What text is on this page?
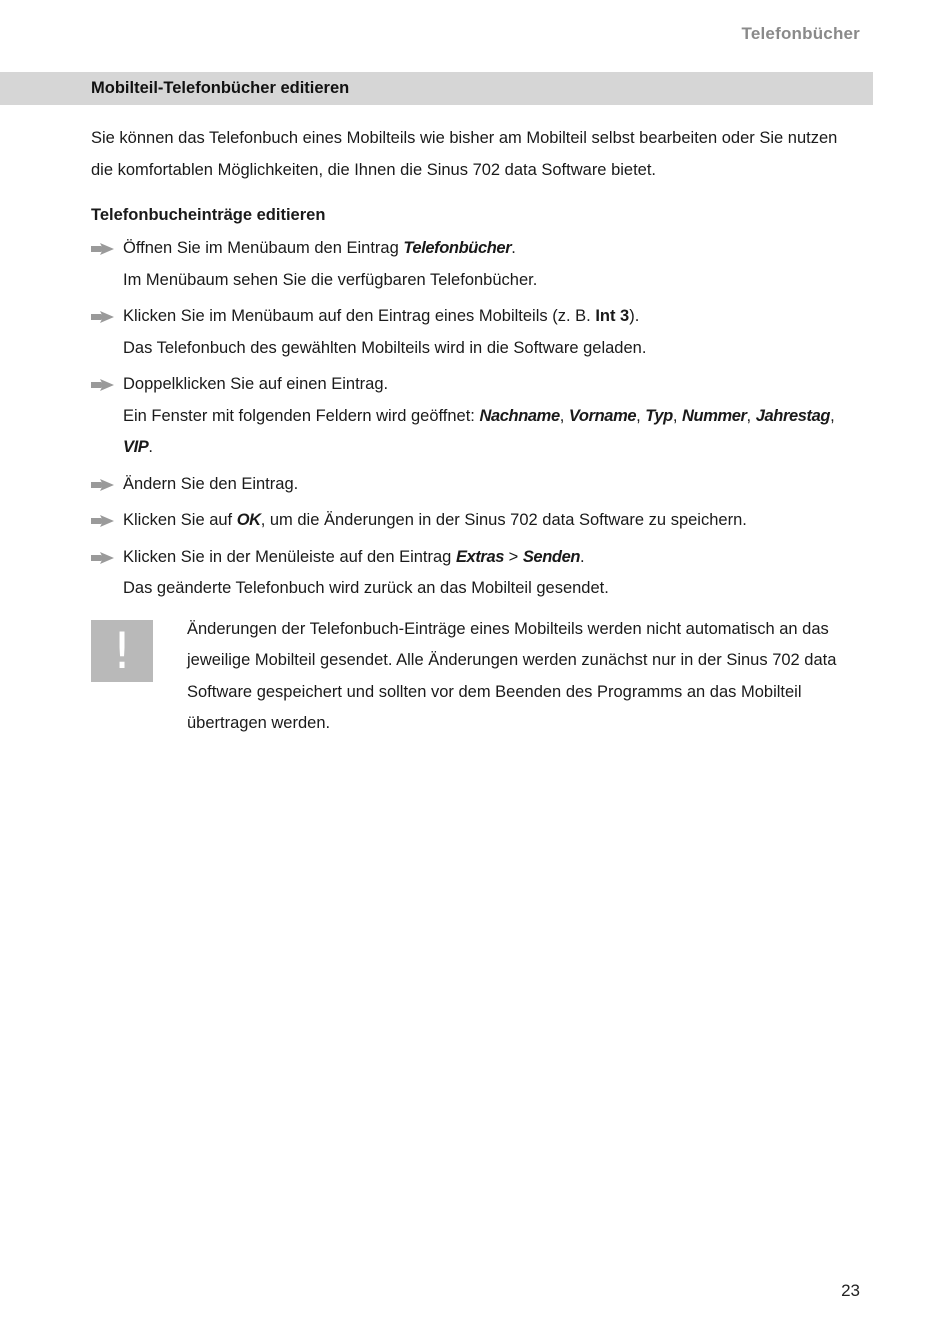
Telefonbücher
Mobilteil-Telefonbücher editieren

Sie können das Telefonbuch eines Mobilteils wie bisher am Mobilteil selbst bearbeiten oder Sie nutzen die komfortablen Möglichkeiten, die Ihnen die Sinus 702 data Software bietet.

Telefonbucheinträge editieren
Öffnen Sie im Menübaum den Eintrag Telefonbücher.
Im Menübaum sehen Sie die verfügbaren Telefonbücher.
Klicken Sie im Menübaum auf den Eintrag eines Mobilteils (z. B. Int 3).
Das Telefonbuch des gewählten Mobilteils wird in die Software geladen.
Doppelklicken Sie auf einen Eintrag.
Ein Fenster mit folgenden Feldern wird geöffnet: Nachname, Vorname, Typ, Nummer, Jahrestag, VIP.
Ändern Sie den Eintrag.
Klicken Sie auf OK, um die Änderungen in der Sinus 702 data Software zu speichern.
Klicken Sie in der Menüleiste auf den Eintrag Extras > Senden.
Das geänderte Telefonbuch wird zurück an das Mobilteil gesendet.
!	Änderungen der Telefonbuch-Einträge eines Mobilteils werden nicht automatisch an das jeweilige Mobilteil gesendet. Alle Änderungen werden zunächst nur in der Sinus 702 data Software gespeichert und sollten vor dem Beenden des Programms an das Mobilteil übertragen werden.

23
